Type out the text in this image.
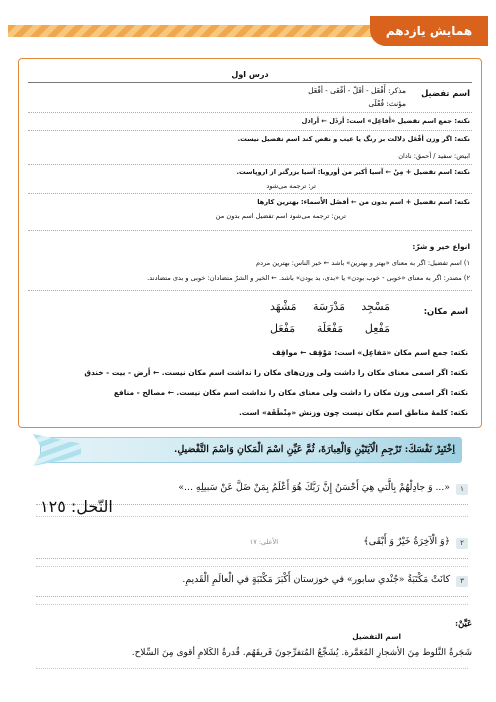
همایش یازدهم
درس اول
اسم تفضیل
مذکر: أَفْعَل - أفَلّ - أفْعَی - أفْعَل
مؤنث: فُعْلَی
نکته: جمع اسم تفضیل «أفاعِل» است: أرذَل ← أراذل
نکته: اگر وزن أفْعَل دلالت بر رنگ یا عیب و نقص کند اسم تفضیل نیست.
ابیض: سفید / أحمق: نادان
نکته: اسم تفضیل + مِنْ ← آسیا أکبر من أوروبا: آسیا بزرگتر از اروپاست.
تر: ترجمه می‌شود
نکته: اسم تفضیل + اسم بدون من ← أفضَل الأَسماء: بهترین کارها
ترین: ترجمه می‌شود اسم تفضیل اسم بدون من
انواع خیر و شرّ:
۱) اسم تفضیل: اگر به معنای «بهتر و بهترین» باشد ← خیر الناس: بهترین مردم
۲) مصدر: اگر به معنای «خوبی - خوب بودن» یا «بدی، بد بودن» باشد. ← الخیر و الشرّ متضادان: خوبی و بدی متضادند.
اسم مکان:
مَسْجِد
مَدْرَسَة
مَشْهَد
مَفْعِل
مَفْعَلَة
مَفْعَل
نکته: جمع اسم مکان «مَفاعِل» است: مَوْقِف ← مواقِف
نکته: اگر اسمی معنای مکان را داشت ولی وزن‌های مکان را نداشت اسم مکان نیست. ← أرض - بیت - خندق
نکته: اگر اسمی وزن مکان را داشت ولی معنای مکان را نداشت اسم مکان نیست. ← مصالح - منافع
نکته: کلمهٔ مناطق اسم مکان نیست چون وزنش «مِنْطَقَة» است.
اِخْتَبِرْ نَفْسَكَ: تَرْجِمِ الْآيَتَيْنِ وَالْعِبارَةَ، ثُمَّ عَيِّنِ اسْمَ الْمَكانِ وَاسْمَ التَّفْضيلِ.
۱
«... وَ جادِلْهُمْ بِالَّتي هِيَ أَحْسَنُ إِنَّ رَبَّكَ هُوَ أَعْلَمُ بِمَنْ ضَلَّ عَنْ سَبيلِهِ ...»
النّحل: ١٢٥
۲
﴿وَ الْآخِرَةُ خَيْرٌ وَ أَبْقَى﴾
الأعلی: ١٧
۳
كانَتْ مَكْتَبَةُ «جُنْدي سابور» في خوزستان أَكْبَرَ مَكْتَبَةٍ في الْعالَمِ الْقَديمِ.
عَيِّنْ:
اسم التفضیل
شَجَرةُ النَّلوط مِنَ الأشجارِ المُعَمَّرة. يُشَجِّعُ المُتفرِّجونَ فَريقَهُم. قُدرةُ الكَلامِ أقوى مِنَ السِّلاح.
